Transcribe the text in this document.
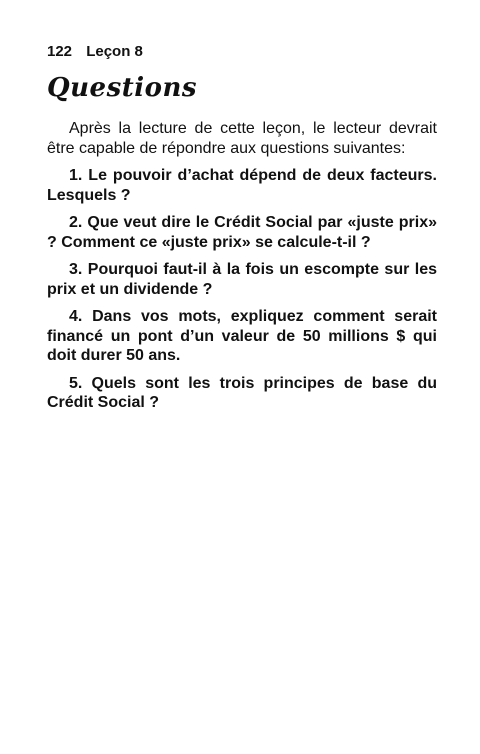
122 Leçon 8
Questions

Après la lecture de cette leçon, le lecteur devrait être capable de répondre aux questions suivantes:

1. Le pouvoir d’achat dépend de deux facteurs. Lesquels ?

2. Que veut dire le Crédit Social par «juste prix» ? Comment ce «juste prix» se calcule-t-il ?

3. Pourquoi faut-il à la fois un escompte sur les prix et un dividende ?

4. Dans vos mots, expliquez comment serait financé un pont d’un valeur de 50 millions $ qui doit durer 50 ans.

5. Quels sont les trois principes de base du Crédit Social ?
